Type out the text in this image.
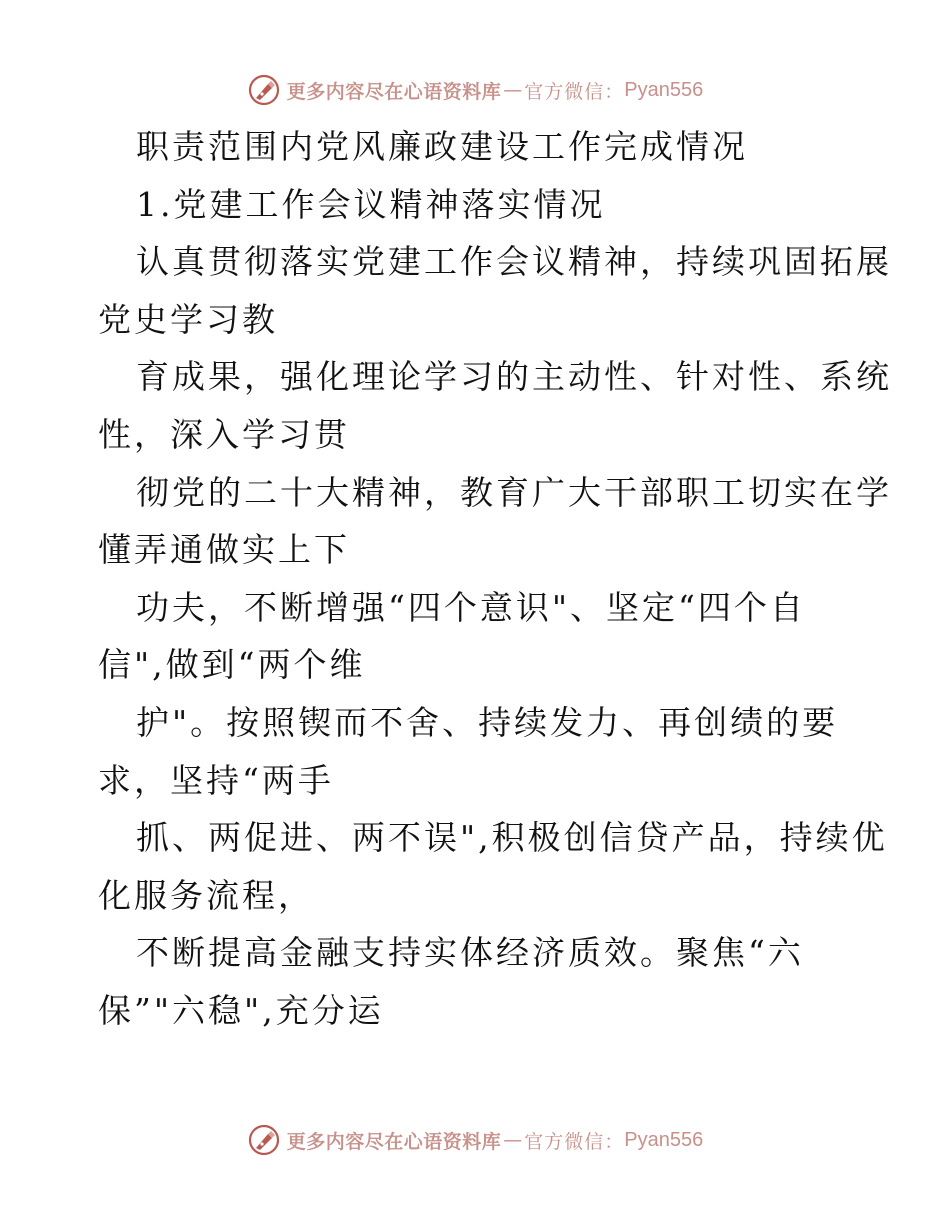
更多内容尽在心语资料库 — 官方微信： Pyan556
职责范围内党风廉政建设工作完成情况
1.党建工作会议精神落实情况
认真贯彻落实党建工作会议精神，持续巩固拓展
党史学习教
育成果，强化理论学习的主动性、针对性、系统
性，深入学习贯
彻党的二十大精神，教育广大干部职工切实在学
懂弄通做实上下
功夫，不断增强“四个意识"、坚定“四个自
信",做到“两个维
护"。按照锲而不舍、持续发力、再创绩的要
求，坚持“两手
抓、两促进、两不误",积极创信贷产品，持续优
化服务流程，
不断提高金融支持实体经济质效。聚焦“六
保”"六稳",充分运
更多内容尽在心语资料库 — 官方微信： Pyan556
